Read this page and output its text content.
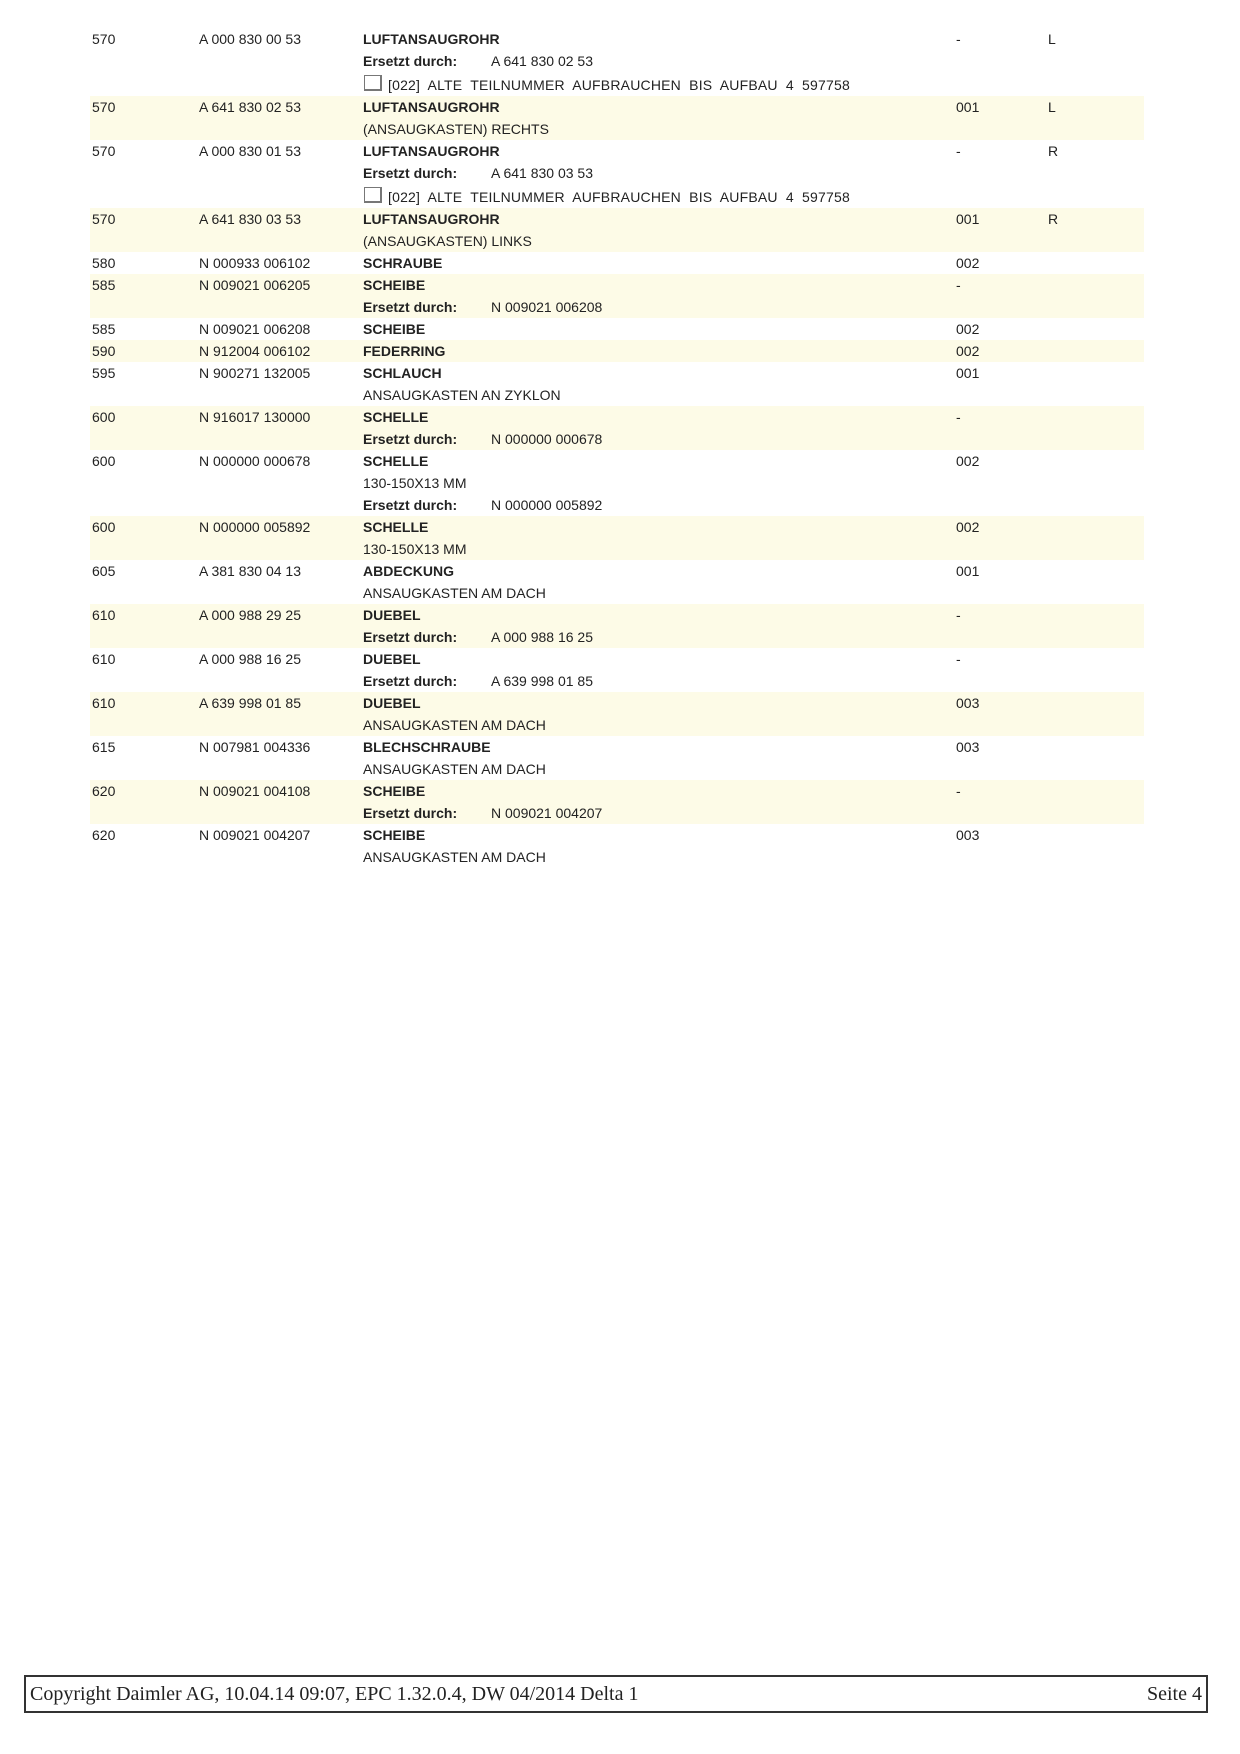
570	A 000 830 00 53	LUFTANSAUGROHR	-	L
Ersetzt durch: A 641 830 02 53
[022]  ALTE  TEILNUMMER  AUFBRAUCHEN  BIS  AUFBAU  4  597758
570	A 641 830 02 53	LUFTANSAUGROHR	001	L
(ANSAUGKASTEN) RECHTS
570	A 000 830 01 53	LUFTANSAUGROHR	-	R
Ersetzt durch: A 641 830 03 53
[022]  ALTE  TEILNUMMER  AUFBRAUCHEN  BIS  AUFBAU  4  597758
570	A 641 830 03 53	LUFTANSAUGROHR	001	R
(ANSAUGKASTEN) LINKS
580	N 000933 006102	SCHRAUBE	002
585	N 009021 006205	SCHEIBE	-
Ersetzt durch: N 009021 006208
585	N 009021 006208	SCHEIBE	002
590	N 912004 006102	FEDERRING	002
595	N 900271 132005	SCHLAUCH	001
ANSAUGKASTEN AN ZYKLON
600	N 916017 130000	SCHELLE	-
Ersetzt durch: N 000000 000678
600	N 000000 000678	SCHELLE	002
130-150X13 MM
Ersetzt durch: N 000000 005892
600	N 000000 005892	SCHELLE	002
130-150X13 MM
605	A 381 830 04 13	ABDECKUNG	001
ANSAUGKASTEN AM DACH
610	A 000 988 29 25	DUEBEL	-
Ersetzt durch: A 000 988 16 25
610	A 000 988 16 25	DUEBEL	-
Ersetzt durch: A 639 998 01 85
610	A 639 998 01 85	DUEBEL	003
ANSAUGKASTEN AM DACH
615	N 007981 004336	BLECHSCHRAUBE	003
ANSAUGKASTEN AM DACH
620	N 009021 004108	SCHEIBE	-
Ersetzt durch: N 009021 004207
620	N 009021 004207	SCHEIBE	003
ANSAUGKASTEN AM DACH
Copyright Daimler AG, 10.04.14 09:07, EPC 1.32.0.4, DW 04/2014 Delta 1	Seite 4
